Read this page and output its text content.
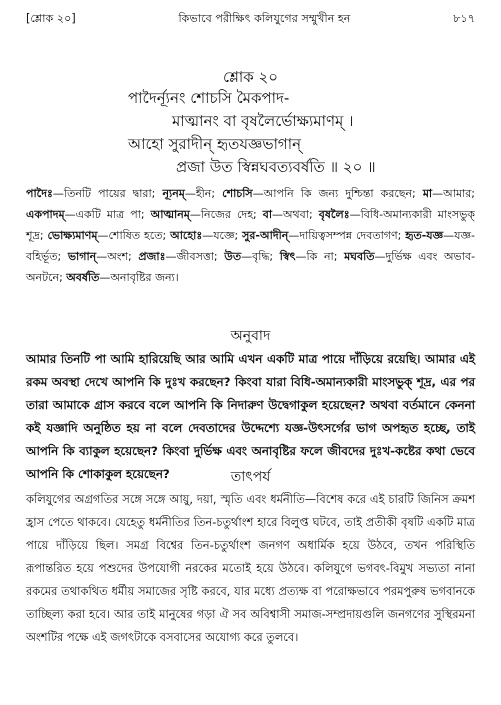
[শ্লোক ২০]	কিভাবে পরীক্ষিৎ কলিযুগের সম্মুখীন হন	৮১৭
শ্লোক ২০
পাদৈর্ন্যূনং শোচসি মৈকপাদ-
মাত্মানং বা বৃষলৈর্ভোক্ষ্যমাণম্ ।
আহো সুরাদীন্ হৃতযজ্ঞভাগান্
প্রজা উত স্বিন্নঘবত্যবর্ষতি ॥ ২০ ॥
পাদৈঃ—তিনটি পায়ের দ্বারা; ন্যূনম্—হীন; শোচসি—আপনি কি জন্য দুশ্চিন্তা করছেন; মা—আমার; একপাদম্—একটি মাত্র পা; আত্মানম্—নিজের দেহ; বা—অথবা; বৃষলৈঃ—বিধি-অমান্যকারী মাংসভুক্ শূদ্র; ভোক্ষ্যমাণম্—শোষিত হতে; আহোঃ—যজ্ঞে; সুর-আদীন্—দায়িত্বসম্পন্ন দেবতাগণ; হৃত-যজ্ঞ—যজ্ঞ-বহির্ভূত; ভাগান্—অংশ; প্রজাঃ—জীবসত্তা; উত—বৃদ্ধি; স্বিৎ—কি না; মঘবতি—দুর্ভিক্ষ এবং অভাব-অনটনে; অবর্ষতি—অনাবৃষ্টির জন্য।
অনুবাদ
আমার তিনটি পা আমি হারিয়েছি আর আমি এখন একটি মাত্র পায়ে দাঁড়িয়ে রয়েছি। আমার এই রকম অবস্থা দেখে আপনি কি দুঃখ করছেন? কিংবা যারা বিধি-অমান্যকারী মাংসভুক্ শূদ্র, এর পর তারা আমাকে গ্রাস করবে বলে আপনি কি নিদারুণ উদ্বেগাকুল হয়েছেন? অথবা বর্তমানে কেননা কই যজ্ঞাদি অনুষ্ঠিত হয় না বলে দেবতাদের উদ্দেশ্যে যজ্ঞ-উৎসর্গের ভাগ অপহৃত হচ্ছে, তাই আপনি কি ব্যাকুল হয়েছেন? কিংবা দুর্ভিক্ষ এবং অনাবৃষ্টির ফলে জীবদের দুঃখ-কষ্টের কথা ভেবে আপনি কি শোকাকুল হয়েছেন?	তাৎপর্য
কলিযুগের অগ্রগতির সঙ্গে সঙ্গে আয়ু, দয়া, স্মৃতি এবং ধর্মনীতি—বিশেষ করে এই চারটি জিনিস ক্রমশ হ্রাস পেতে থাকবে। যেহেতু ধর্মনীতির তিন-চতুর্থাংশ হারে বিলুপ্ত ঘটবে, তাই প্রতীকী বৃষটি একটি মাত্র পায়ে দাঁড়িয়ে ছিল। সমগ্র বিশ্বের তিন-চতুর্থাংশ জনগণ অধার্মিক হয়ে উঠবে, তখন পরিস্থিতি রূপান্তরিত হয়ে পশুদের উপযোগী নরকের মতোই হয়ে উঠবে। কলিযুগে ভগবৎ-বিমুখ সভ্যতা নানা রকমের তথাকথিত ধর্মীয় সমাজের সৃষ্টি করবে, যার মধ্যে প্রত্যক্ষ বা পরোক্ষভাবে পরমপুরুষ ভগবানকে তাচ্ছিল্য করা হবে। আর তাই মানুষের গড়া ঐ সব অবিশ্বাসী সমাজ-সম্প্রদায়গুলি জনগণের সুস্থিরমনা অংশটির পক্ষে এই জগৎটাকে বসবাসের অযোগ্য করে তুলবে।
